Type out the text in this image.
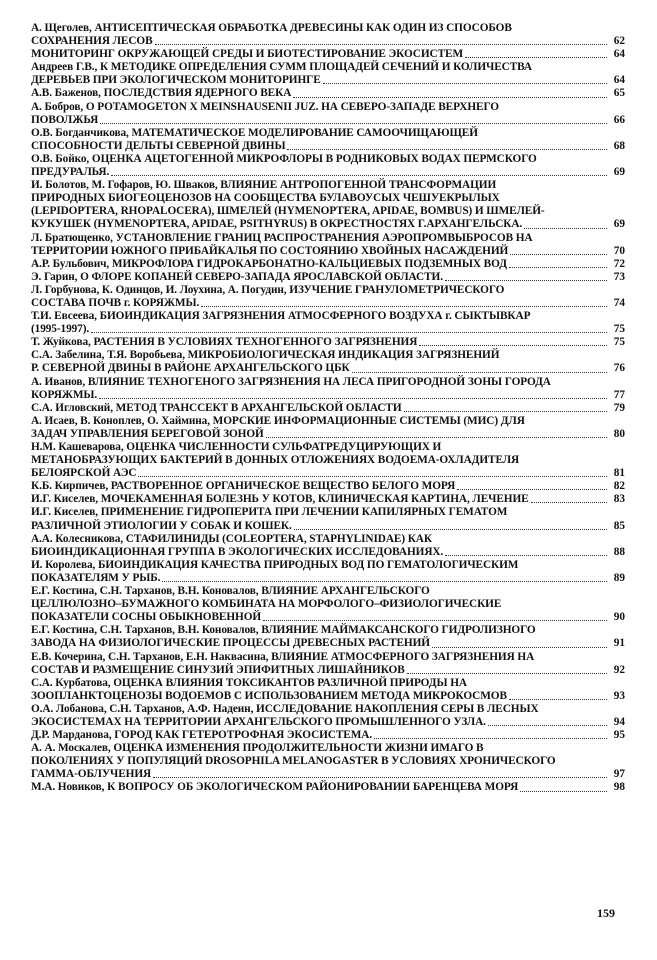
А. Щеголев, АНТИСЕПТИЧЕСКАЯ ОБРАБОТКА ДРЕВЕСИНЫ КАК ОДИН ИЗ СПОСОБОВ
СОХРАНЕНИЯ ЛЕСОВ	62
МОНИТОРИНГ ОКРУЖАЮЩЕЙ СРЕДЫ И БИОТЕСТИРОВАНИЕ ЭКОСИСТЕМ	64
Андреев Г.В., К МЕТОДИКЕ ОПРЕДЕЛЕНИЯ СУММ ПЛОЩАДЕЙ СЕЧЕНИЙ И КОЛИЧЕСТВА
ДЕРЕВЬЕВ ПРИ ЭКОЛОГИЧЕСКОМ МОНИТОРИНГЕ	64
А.В. Баженов, ПОСЛЕДСТВИЯ ЯДЕРНОГО ВЕКА	65
А. Бобров, О POTAMOGETON X MEINSHAUSENII JUZ. НА СЕВЕРО-ЗАПАДЕ ВЕРХНЕГО
ПОВОЛЖЬЯ	66
О.В. Богданчикова, МАТЕМАТИЧЕСКОЕ МОДЕЛИРОВАНИЕ САМООЧИЩАЮЩЕЙ
СПОСОБНОСТИ ДЕЛЬТЫ СЕВЕРНОЙ ДВИНЫ	68
О.В. Бойко, ОЦЕНКА АЦЕТОГЕННОЙ МИКРОФЛОРЫ В РОДНИКОВЫХ ВОДАХ ПЕРМСКОГО
ПРЕДУРАЛЬЯ.	69
И. Болотов, М. Гофаров, Ю. Шваков, ВЛИЯНИЕ АНТРОПОГЕННОЙ ТРАНСФОРМАЦИИ
ПРИРОДНЫХ БИОГЕОЦЕНОЗОВ НА СООБЩЕСТВА БУЛАВОУСЫХ ЧЕШУЕКРЫЛЫХ
(LEPIDOPTERA, RHOPALOCERA), ШМЕЛЕЙ (HYMENOPTERA, APIDAE, BOMBUS) И ШМЕЛЕЙ-
КУКУШЕК (HYMENOPTERA, APIDAE, PSITHYRUS) В ОКРЕСТНОСТЯХ Г.АРХАНГЕЛЬСКА.	69
Л. Братющенко, УСТАНОВЛЕНИЕ ГРАНИЦ РАСПРОСТРАНЕНИЯ АЭРОПРОМВЫБРОСОВ НА
ТЕРРИТОРИИ ЮЖНОГО ПРИБАЙКАЛЬЯ ПО СОСТОЯНИЮ ХВОЙНЫХ НАСАЖДЕНИЙ	70
А.Р. Бульбович, МИКРОФЛОРА ГИДРОКАРБОНАТНО-КАЛЬЦИЕВЫХ ПОДЗЕМНЫХ ВОД	72
Э. Гарин, О ФЛОРЕ КОПАНЕЙ СЕВЕРО-ЗАПАДА ЯРОСЛАВСКОЙ ОБЛАСТИ.	73
Л. Горбунова, К. Одинцов, И. Лоухина, А. Погудин, ИЗУЧЕНИЕ ГРАНУЛОМЕТРИЧЕСКОГО
СОСТАВА ПОЧВ г. КОРЯЖМЫ.	74
Т.И. Евсеева, БИОИНДИКАЦИЯ ЗАГРЯЗНЕНИЯ АТМОСФЕРНОГО ВОЗДУХА г. СЫКТЫВКАР
(1995-1997).	75
Т. Жуйкова, РАСТЕНИЯ В УСЛОВИЯХ ТЕХНОГЕННОГО ЗАГРЯЗНЕНИЯ	75
С.А. Забелина, Т.Я. Воробьева, МИКРОБИОЛОГИЧЕСКАЯ ИНДИКАЦИЯ ЗАГРЯЗНЕНИЙ
Р. СЕВЕРНОЙ ДВИНЫ В РАЙОНЕ АРХАНГЕЛЬСКОГО ЦБК	76
А. Иванов, ВЛИЯНИЕ ТЕХНОГЕНОГО ЗАГРЯЗНЕНИЯ НА ЛЕСА ПРИГОРОДНОЙ ЗОНЫ ГОРОДА
КОРЯЖМЫ.	77
С.А. Игловский, МЕТОД ТРАНССЕКТ В АРХАНГЕЛЬСКОЙ ОБЛАСТИ	79
А. Исаев, В. Коноплев, О. Хаймина, МОРСКИЕ ИНФОРМАЦИОННЫЕ СИСТЕМЫ (МИС) ДЛЯ
ЗАДАЧ УПРАВЛЕНИЯ БЕРЕГОВОЙ ЗОНОЙ	80
Н.М. Кашеварова, ОЦЕНКА ЧИСЛЕННОСТИ СУЛЬФАТРЕДУЦИРУЮЩИХ И
МЕТАНОБРАЗУЮЩИХ БАКТЕРИЙ В ДОННЫХ ОТЛОЖЕНИЯХ ВОДОЕМА-ОХЛАДИТЕЛЯ
БЕЛОЯРСКОЙ АЭС	81
К.Б. Кирпичев, РАСТВОРЕННОЕ ОРГАНИЧЕСКОЕ ВЕЩЕСТВО БЕЛОГО МОРЯ	82
И.Г. Киселев, МОЧЕКАМЕННАЯ БОЛЕЗНЬ У КОТОВ, КЛИНИЧЕСКАЯ КАРТИНА, ЛЕЧЕНИЕ	83
И.Г. Киселев, ПРИМЕНЕНИЕ ГИДРОПЕРИТА ПРИ ЛЕЧЕНИИ КАПИЛЯРНЫХ ГЕМАТОМ
РАЗЛИЧНОЙ ЭТИОЛОГИИ У СОБАК И КОШЕК.	85
А.А. Колесникова, СТАФИЛИНИДЫ (COLEOPTERA, STAPHYLINIDAE) КАК
БИОИНДИКАЦИОННАЯ ГРУППА В ЭКОЛОГИЧЕСКИХ ИССЛЕДОВАНИЯХ.	88
И. Королева, БИОИНДИКАЦИЯ КАЧЕСТВА ПРИРОДНЫХ ВОД ПО ГЕМАТОЛОГИЧЕСКИМ
ПОКАЗАТЕЛЯМ У РЫБ.	89
Е.Г. Костина, С.Н. Тарханов, В.Н. Коновалов, ВЛИЯНИЕ АРХАНГЕЛЬСКОГО
ЦЕЛЛЮЛОЗНО–БУМАЖНОГО КОМБИНАТА НА МОРФОЛОГО–ФИЗИОЛОГИЧЕСКИЕ
ПОКАЗАТЕЛИ СОСНЫ ОБЫКНОВЕННОЙ	90
Е.Г. Костина, С.Н. Тарханов, В.Н. Коновалов, ВЛИЯНИЕ МАЙМАКСАНСКОГО ГИДРОЛИЗНОГО
ЗАВОДА НА ФИЗИОЛОГИЧЕСКИЕ ПРОЦЕССЫ ДРЕВЕСНЫХ РАСТЕНИЙ	91
Е.В. Кочерина, С.Н. Тарханов, Е.Н. Наквасина, ВЛИЯНИЕ АТМОСФЕРНОГО ЗАГРЯЗНЕНИЯ НА
СОСТАВ И РАЗМЕЩЕНИЕ СИНУЗИЙ ЭПИФИТНЫХ ЛИШАЙНИКОВ	92
С.А. Курбатова, ОЦЕНКА ВЛИЯНИЯ ТОКСИКАНТОВ РАЗЛИЧНОЙ ПРИРОДЫ НА
ЗООПЛАНКТОЦЕНОЗЫ ВОДОЕМОВ С ИСПОЛЬЗОВАНИЕМ МЕТОДА МИКРОКОСМОВ	93
О.А. Лобанова, С.Н. Тарханов, А.Ф. Надеин, ИССЛЕДОВАНИЕ НАКОПЛЕНИЯ СЕРЫ В ЛЕСНЫХ
ЭКОСИСТЕМАХ НА ТЕРРИТОРИИ АРХАНГЕЛЬСКОГО ПРОМЫШЛЕННОГО УЗЛА.	94
Д.Р. Марданова, ГОРОД КАК ГЕТЕРОТРОФНАЯ ЭКОСИСТЕМА.	95
А. А. Москалев, ОЦЕНКА ИЗМЕНЕНИЯ ПРОДОЛЖИТЕЛЬНОСТИ ЖИЗНИ ИМАГО В
ПОКОЛЕНИЯХ У ПОПУЛЯЦИЙ DROSOPHILA MELANOGASTER В УСЛОВИЯХ ХРОНИЧЕСКОГО
ГАММА-ОБЛУЧЕНИЯ	97
М.А. Новиков, К ВОПРОСУ ОБ ЭКОЛОГИЧЕСКОМ РАЙОНИРОВАНИИ БАРЕНЦЕВА МОРЯ	98
159
